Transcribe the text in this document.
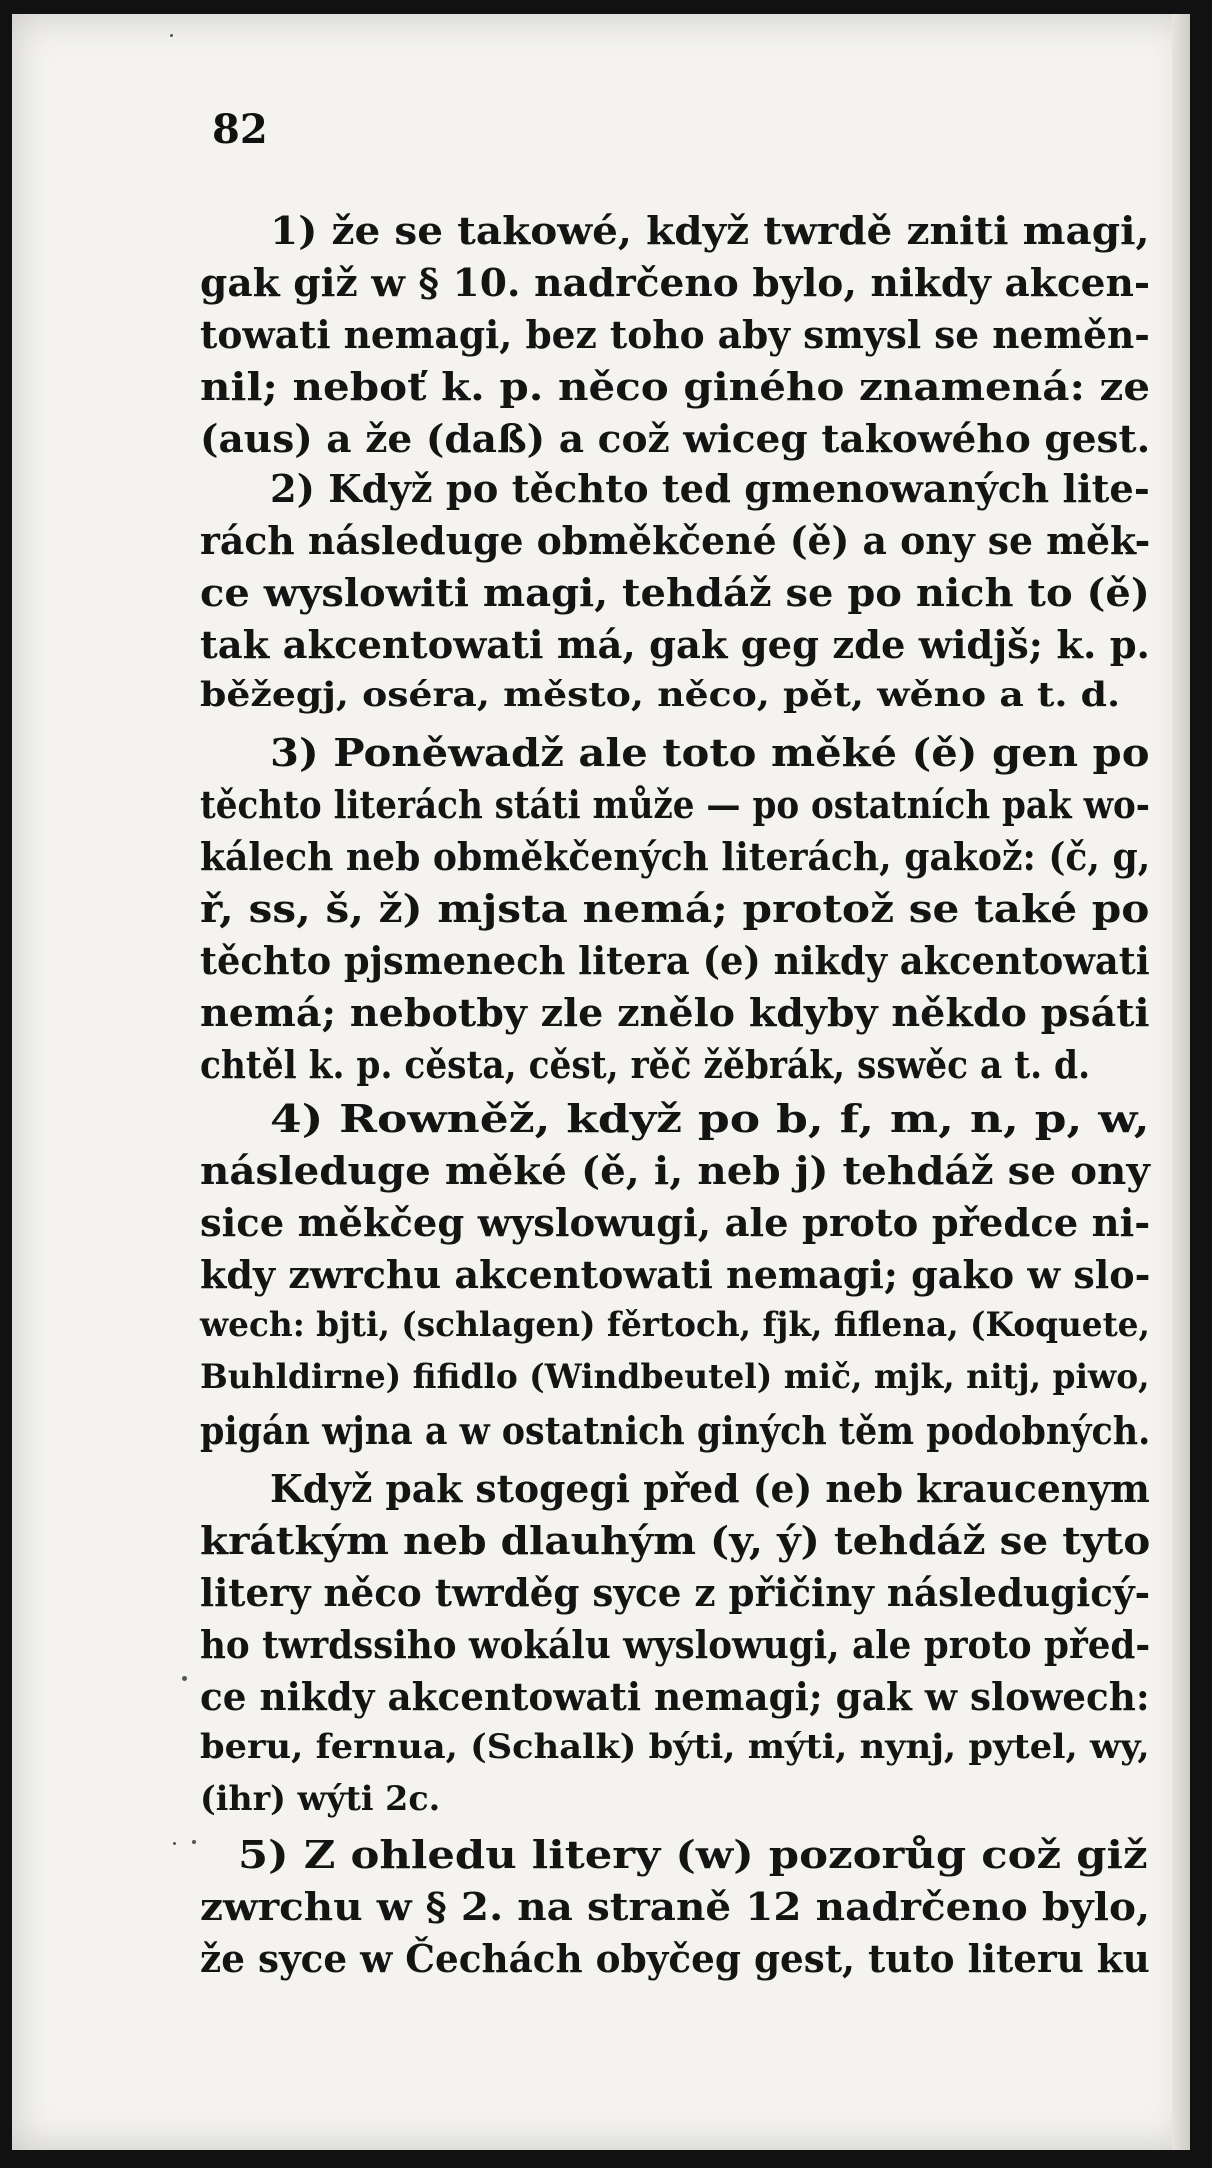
82
1) že se takowé, když twrdě zniti magi,
gak giž w § 10. nadrčeno bylo, nikdy akcen-
towati nemagi, bez toho aby smysl se neměn-
nil; neboť k. p. něco giného znamená: ze
(aus) a že (daß) a což wiceg takowého gest.
2) Když po těchto ted gmenowaných lite-
rách následuge obměkčené (ě) a ony se měk-
ce wyslowiti magi, tehdáž se po nich to (ě)
tak akcentowati má, gak geg zde widjš; k. p.
běžegj, oséra, město, něco, pět, wěno a t. d.
3) Poněwadž ale toto měké (ě) gen po
těchto literách státi může — po ostatních pak wo-
kálech neb obměkčených literách, gakož: (č, g,
ř, ss, š, ž) mjsta nemá; protož se také po
těchto pjsmenech litera (e) nikdy akcentowati
nemá; nebotby zle znělo kdyby někdo psáti
chtěl k. p. cěsta, cěst, rěč žěbrák, sswěc a t. d.
4) Rowněž, když po b, f, m, n, p, w,
následuge měké (ě, i, neb j) tehdáž se ony
sice měkčeg wyslowugi, ale proto předce ni-
kdy zwrchu akcentowati nemagi; gako w slo-
wech: bjti, (schlagen) fěrtoch, fjk, fiflena, (Koquete,
Buhldirne) fifidlo (Windbeutel) mič, mjk, nitj, piwo,
pigán wjna a w ostatnich giných těm podobných.
Když pak stogegi před (e) neb kraucenym
krátkým neb dlauhým (y, ý) tehdáž se tyto
litery něco twrděg syce z přičiny následugicý-
ho twrdssiho wokálu wyslowugi, ale proto před-
ce nikdy akcentowati nemagi; gak w slowech:
beru, fernua, (Schalk) býti, mýti, nynj, pytel, wy,
(ihr) wýti 2c.
5) Z ohledu litery (w) pozorůg což giž
zwrchu w § 2. na straně 12 nadrčeno bylo,
že syce w Čechách obyčeg gest, tuto literu ku
